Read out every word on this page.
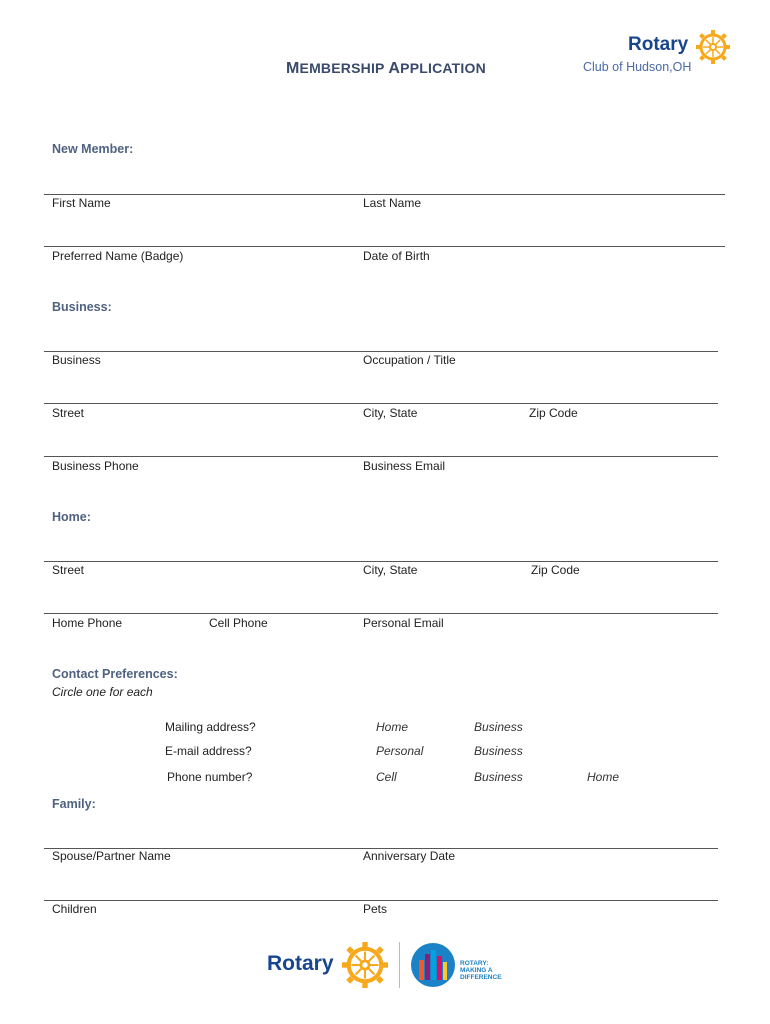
MEMBERSHIP APPLICATION
Rotary
Club of Hudson,OH
New Member:
First Name	Last Name
Preferred Name (Badge)	Date of Birth
Business:
Business	Occupation / Title
Street	City, State	Zip Code
Business Phone	Business Email
Home:
Street	City, State	Zip Code
Home Phone	Cell Phone	Personal Email
Contact Preferences:
Circle one for each
Mailing address?	Home	Business
E-mail address?	Personal	Business
Phone number?	Cell	Business	Home
Family:
Spouse/Partner Name	Anniversary Date
Children	Pets
Rotary	ROTARY:
MAKING A
DIFFERENCE
